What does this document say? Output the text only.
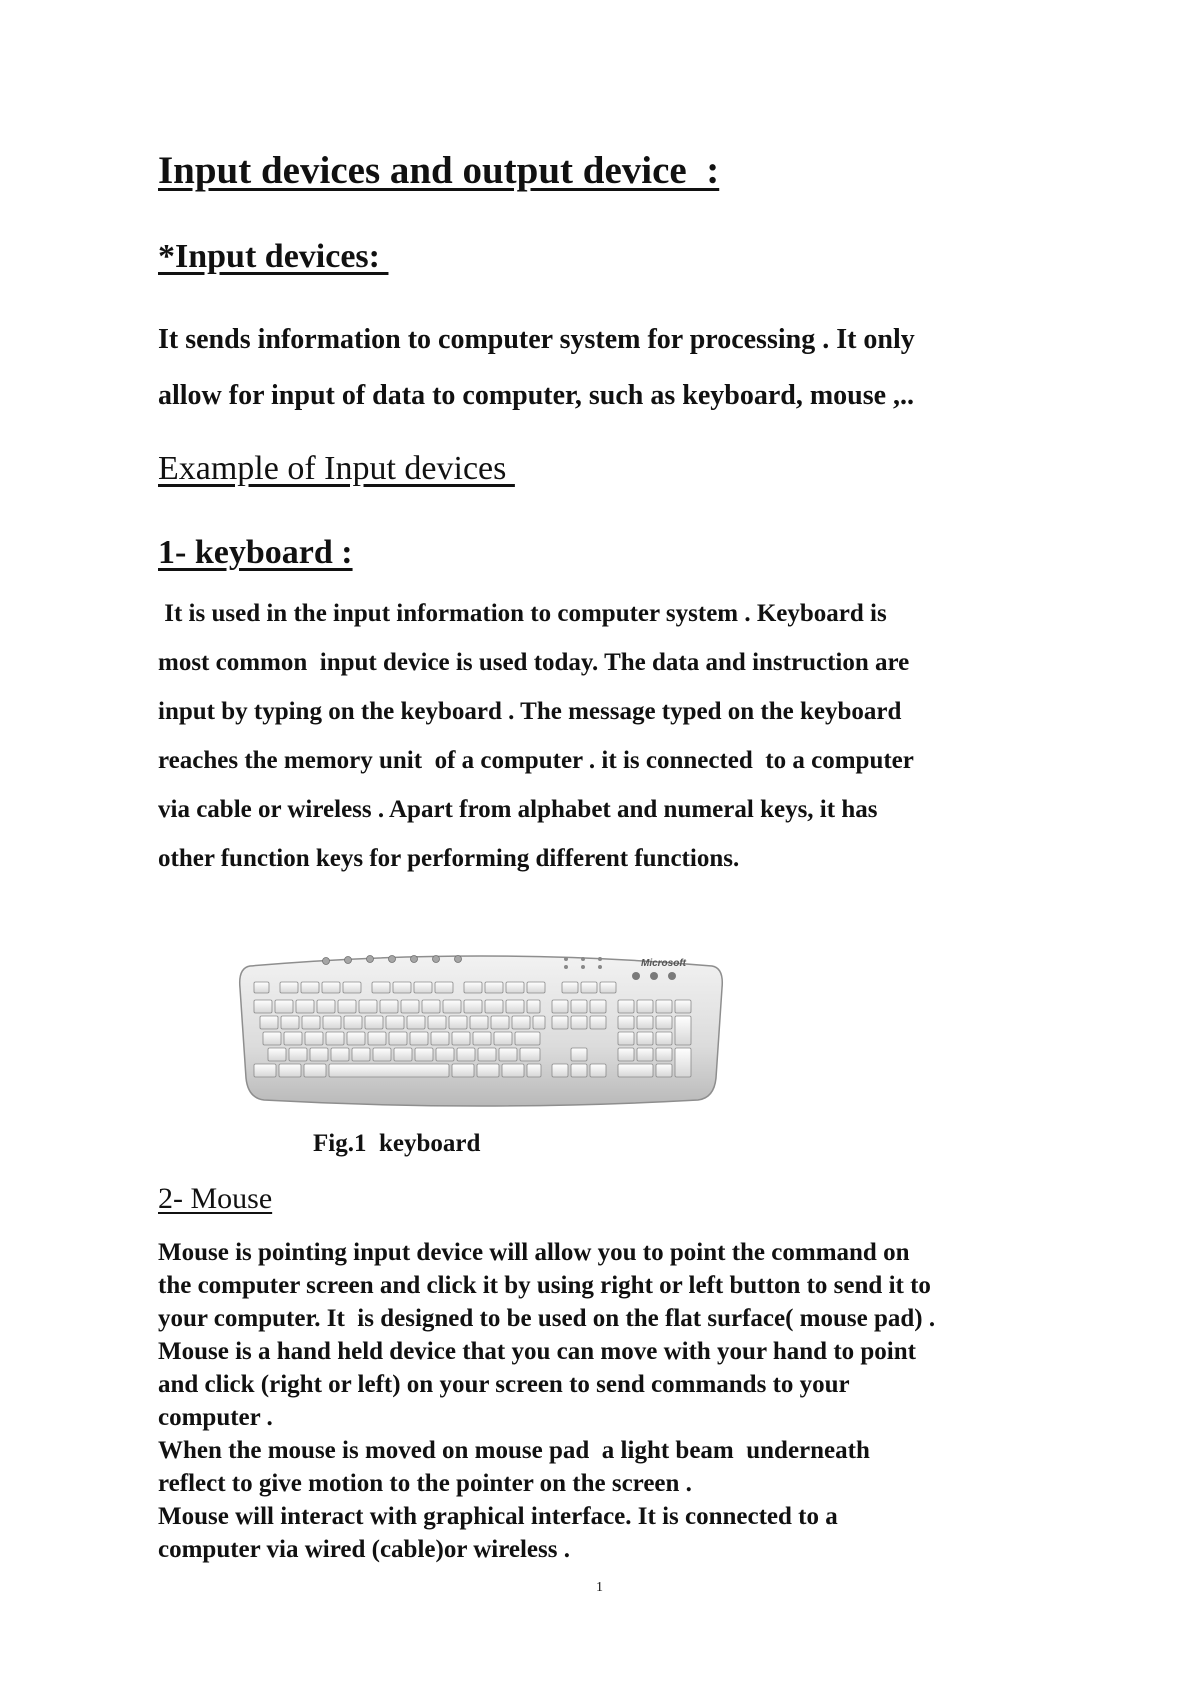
Input devices and output device  :
*Input devices:
It sends information to computer system for processing . It only
allow for input of data to computer, such as keyboard, mouse ,..
Example of Input devices
1- keyboard :
It is used in the input information to computer system . Keyboard is
most common  input device is used today. The data and instruction are
input by typing on the keyboard . The message typed on the keyboard
reaches the memory unit  of a computer . it is connected  to a computer
via cable or wireless . Apart from alphabet and numeral keys, it has
other function keys for performing different functions.
Microsoft

Fig.1  keyboard

2- Mouse
Mouse is pointing input device will allow you to point the command on
the computer screen and click it by using right or left button to send it to
your computer. It  is designed to be used on the flat surface( mouse pad) .
Mouse is a hand held device that you can move with your hand to point
and click (right or left) on your screen to send commands to your
computer .
When the mouse is moved on mouse pad  a light beam  underneath
reflect to give motion to the pointer on the screen .
Mouse will interact with graphical interface. It is connected to a
computer via wired (cable)or wireless .
1
